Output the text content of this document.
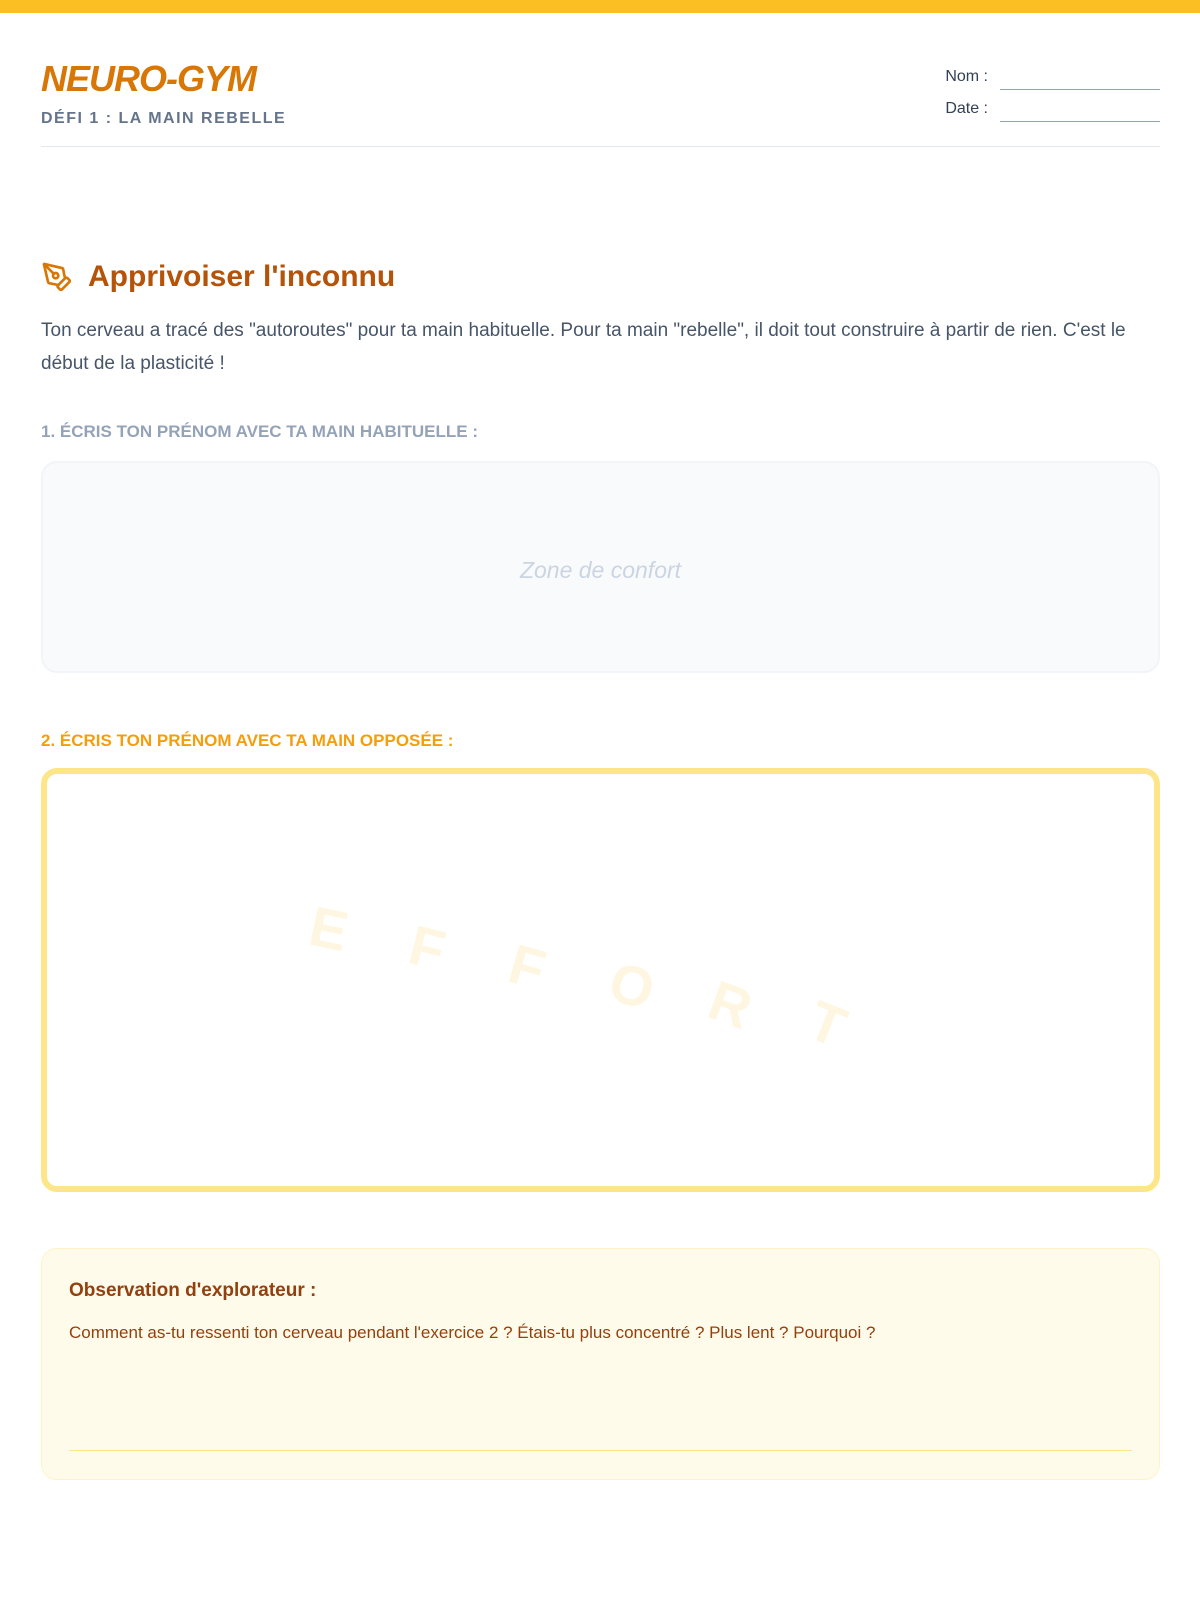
NEURO-GYM
DÉFI 1 : LA MAIN REBELLE
Nom :
Date :
Apprivoiser l'inconnu

Ton cerveau a tracé des "autoroutes" pour ta main habituelle. Pour ta main "rebelle", il doit tout construire à partir de rien. C'est le début de la plasticité !

1. ÉCRIS TON PRÉNOM AVEC TA MAIN HABITUELLE :
Zone de confort
2. ÉCRIS TON PRÉNOM AVEC TA MAIN OPPOSÉE :
E F F O R T
Observation d'explorateur :
Comment as-tu ressenti ton cerveau pendant l'exercice 2 ? Étais-tu plus concentré ? Plus lent ? Pourquoi ?
